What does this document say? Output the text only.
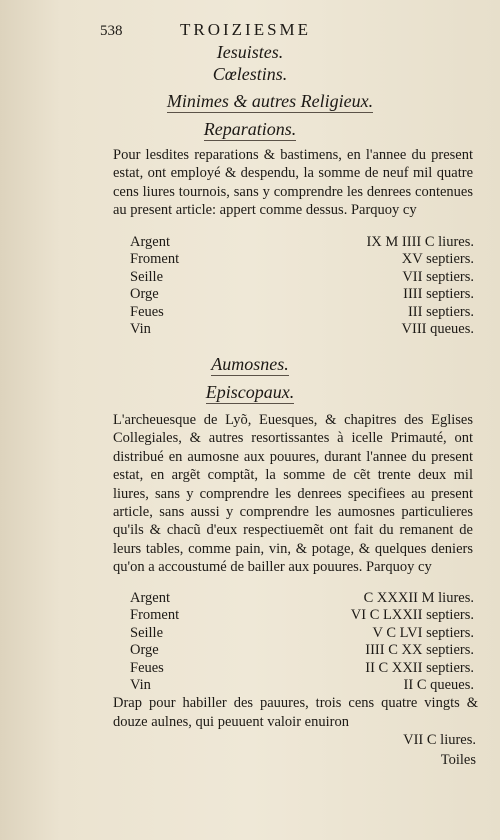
538	TROIZIESME
Iesuistes.
Cœlestins.
Minimes & autres Religieux.
Reparations.

Pour lesdites reparations & bastimens, en l'annee du present estat, ont employé & despendu, la somme de neuf mil quatre cens liures tournois, sans y comprendre les denrees contenues au present article: appert comme dessus. Parquoy cy

Argent	IX M IIII C liures.
Froment	XV septiers.
Seille	VII septiers.
Orge	IIII septiers.
Feues	III septiers.
Vin	VIII queues.
Aumosnes.
Episcopaux.

L'archeuesque de Lyõ, Euesques, & chapitres des Eglises Collegiales, & autres resortissantes à icelle Primauté, ont distribué en aumosne aux pouures, durant l'annee du present estat, en argẽt comptãt, la somme de cẽt trente deux mil liures, sans y comprendre les denrees specifiees au present article, sans aussi y comprendre les aumosnes particulieres qu'ils & chacũ d'eux respectiuemẽt ont fait du remanent de leurs tables, comme pain, vin, & potage, & quelques deniers qu'on a accoustumé de bailler aux pouures. Parquoy cy

Argent	C XXXII M liures.
Froment	VI C LXXII septiers.
Seille	V C LVI septiers.
Orge	IIII C XX septiers.
Feues	II C XXII septiers.
Vin	II C queues.

Drap pour habiller des pauures, trois cens quatre vingts & douze aulnes, qui peuuent valoir enuiron

VII C liures.
Toiles
